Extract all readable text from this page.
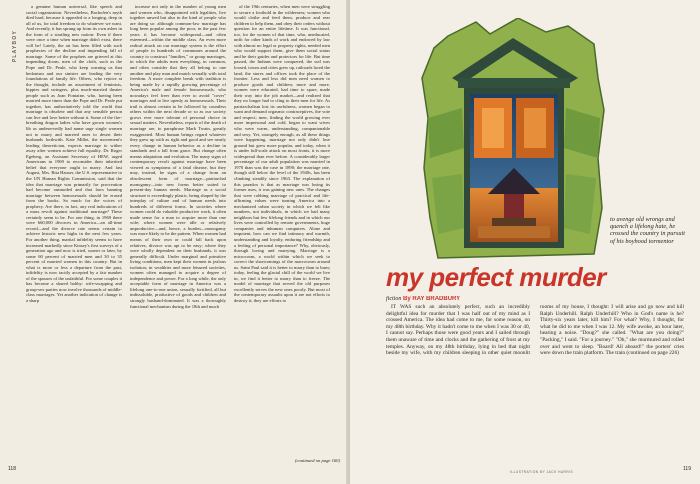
PLAYBOY

a genuine human universal, like speech and social organization. Nevertheless, Bachofen's myth died hard, because it appealed to a longing, deep in all of us, for total freedom to do whatever we want. And recently, it has sprung up from its own ashes in the form of a startling new notion: Even if there were once a time when marriage didn't exist, there will be! Lately, the air has been filled with such prophecies of the decline and impending fall of marriage. Some of the prophets are grieved at this impending doom, men of the cloth, such as the Pope and Dr. Peale, who keep warning us that hedonism and our sinister are leading the very foundations of family life. Others, who rejoice at the thought, include an assortment of feminists, hippies and swingers, plus much-married theater people such as Joan Fontaine, who, having been married more times than the Pope and Dr. Peale put together, has authoritatively told the world that marriage is obsolete and that any sensible person can live and love better without it. Some of the fire-breathing dragon ladies who have grown women's lib as undeservedly bad name urge single women not to marry and married ones to desert their husbands forthwith. Kate Millet, the movement's leading theoretician, expects marriage to wither away after women achieve full equality. Dr. Roger Egeberg, an Assistant Secretary of HEW, urged Americans in 1969 to reconsider their inherited belief that everyone ought to marry. And last August, Mrs. Rita Hauser, the U.S. representative to the UN Human Rights Commission, said that the idea that marriage was primarily for procreation had become outmoded and that laws banning marriage between homosexuals should be erased from the books. So much for the voices of prophecy. Are there, in fact, any real indications of a mass revolt against traditional marriage? These certainly seem to be. For one thing, in 1969 there were 660,000 divorces in America—an all-time record—and the divorce rate seems certain to achieve historic new highs in the next few years. For another thing, marital infidelity seems to have increased markedly since Kinsey's first surveys of a generation ago and now is tried, sooner or later, by some 60 percent of married men and 30 to 35 percent of married women in this country. But in what is more or less a departure from the past, infidelity is now tacitly accepted by a fair number of the spouses of the unfaithful. For some couples it has become a shared hobby: wife-swapping and group-sex parties now involve thousands of middle-class marriages. Yet another indication of change is a sharp

increase not only in the number of young men and women who, disappointed with legalities, live together unwed but also in the kind of people who are doing so: although common-law marriage has long been popular among the poor, in the past few years it has become widespread—and often esteemed—within the middle class. An even more radical attack on our marriage system is the effort of people in hundreds of communes around the country to construct "families," or group marriages, in which the adults men everything, in common, and often consider that they all belong to one another and play man and match sexually with total freedom. A more complete break with tradition is being made by a rapidly growing percentage of America's male and female homosexuals, who nowadays feel freer than ever to avoid "cover" marriages and to live openly as homosexuals. Their trail is almost certain to be followed by countless others within the next decade or so as our society grows ever more tolerant of personal choice in sexual matters. Nevertheless, reports of the death of marriage are, to paraphrase Mark Twain, greatly exaggerated. Most human beings regard whatever they grew up with as right and good and see nearly every change in human behavior as a decline in standards and a fall from grace. But change often means adaptation and evolution. The many signs of contemporary revolt against marriage have been viewed as symptoms of a fatal disease, but they may, instead, be signs of a change from an obsolescent form of marriage—patriarchal monogamy—into new forms better suited to present-day human needs. Marriage as a social structure is exceedingly plastic, being shaped by the interplay of culture and of human needs into hundreds of different forms. In societies where women could do valuable productive work, it often made sense for a man to acquire more than one wife; where women were idle or relatively unproductive—and, hence, a burden—monogamy was more likely to be the pattern. When women had means of their own or could fall back upon relatives, divorce was apt to be easy; where they were wholly dependent on their husbands, it was generally difficult. Under marginal and primitive living conditions, men kept their women in jealous isolation; in wealthier and more leisured societies, women often managed to acquire a degree of independence and power. For a long while, the only acceptable form of marriage in America was a lifelong one-to-one union, sexually fortified, all but indissoluble, productive of goods and children and strongly husband-dominated. It was a thoroughly functional mechanism during the 18th and much

of the 19th centuries, when men were struggling to secure a foothold in the wilderness; women who would clothe and feed them, produce and rear children to help them, and obey their orders without question for an entire lifetime. It was functional, too, for the women of that time, who, uneducated, unfit for other kinds of work and endowed by law with almost no legal or property rights, needed men who would support them, give them social status and be their guides and protectors for life. But time passed, the Indians were conquered, the sod was loosed, towns and cities grew up, railroads laced the land, the stores and offices took the place of the frontier. Less and less did men need women to produce goods and children; more and more, women were educated, had time to spare, made their way into the job market—and realized that they no longer had to cling to their men for life. As patriarchalism lost its usefulness, women began to want and demand orgasmic contraceptives, the vote and respect; men, finding the world growing ever more impersonal and cold, began to want wives who were warm, understanding, companionable and sexy. Yet, strangely enough, as all these things were happening, marriage not only didn't lose ground but grew more popular, and today, when it is under full-scale attack on most fronts, it is more widespread than ever before. A considerably larger percentage of our adult population was married in 1970 than was the case in 1890; the marriage rate, though still below the level of the 1940s, has been climbing steadily since 1963. The explanation of this paradox is that as marriage was losing its former uses, it was gaining new ones. The changes that were robbing marriage of practical and life-affirming values were turning America into a mechanized urban society in which we felt like numbers, not individuals, in which we had many neighbors but few lifelong friends and in which our lives were controlled by remote governments, huge companies and inhuman computers. Alone and impotent, how can we find intimacy and warmth, understanding and loyalty, enduring friendship and a feeling of personal importance? Why, obviously, through loving and marrying. Marriage is a microcosm, a world within which we seek to correct the shortcomings of the macrocosm around us. Saint Paul said it is better to marry than to burn; today, feeling the glacial chill of the world we live in, we find it better to marry than to freeze. The model of marriage that served the old purposes excellently serves the new ones poorly. But most of the contemporary assaults upon it are not efforts to destroy it; they are efforts to

(continued on page 160)
118	119
to avenge old wrongs and quench a lifelong hate, he crossed the country in pursuit of his boyhood tormentor
my perfect murder
fiction By RAY BRADBURY

IT WAS such an absolutely perfect, such an incredibly delightful idea for murder that I was half out of my mind as I crossed America. The idea had come to me, for some reason, on my 48th birthday. Why it hadn't come to me when I was 30 or 40, I cannot say. Perhaps those were good years and I sailed through them unaware of time and clocks and the gathering of frost at my temples. Anyway, on my 48th birthday, lying in bed that night beside my wife, with my children sleeping in other quiet moonlit rooms of my house, I thought: I will arise and go now and kill Ralph Underhill. Ralph Underhill? Who in God's name is he? Thirty-six years later, kill him? For what? Why, I thought, for what he did to me when I was 12. My wife awoke, an hour later, hearing a noise. "Doug?" she called. "What are you doing?" "Packing," I said. "For a journey." "Oh," she murmured and rolled over and went to sleep. "Board! All aboard!" the porters' cries were down the train platform. The train (continued on page 226)

ILLUSTRATION BY JACK HARRIS
